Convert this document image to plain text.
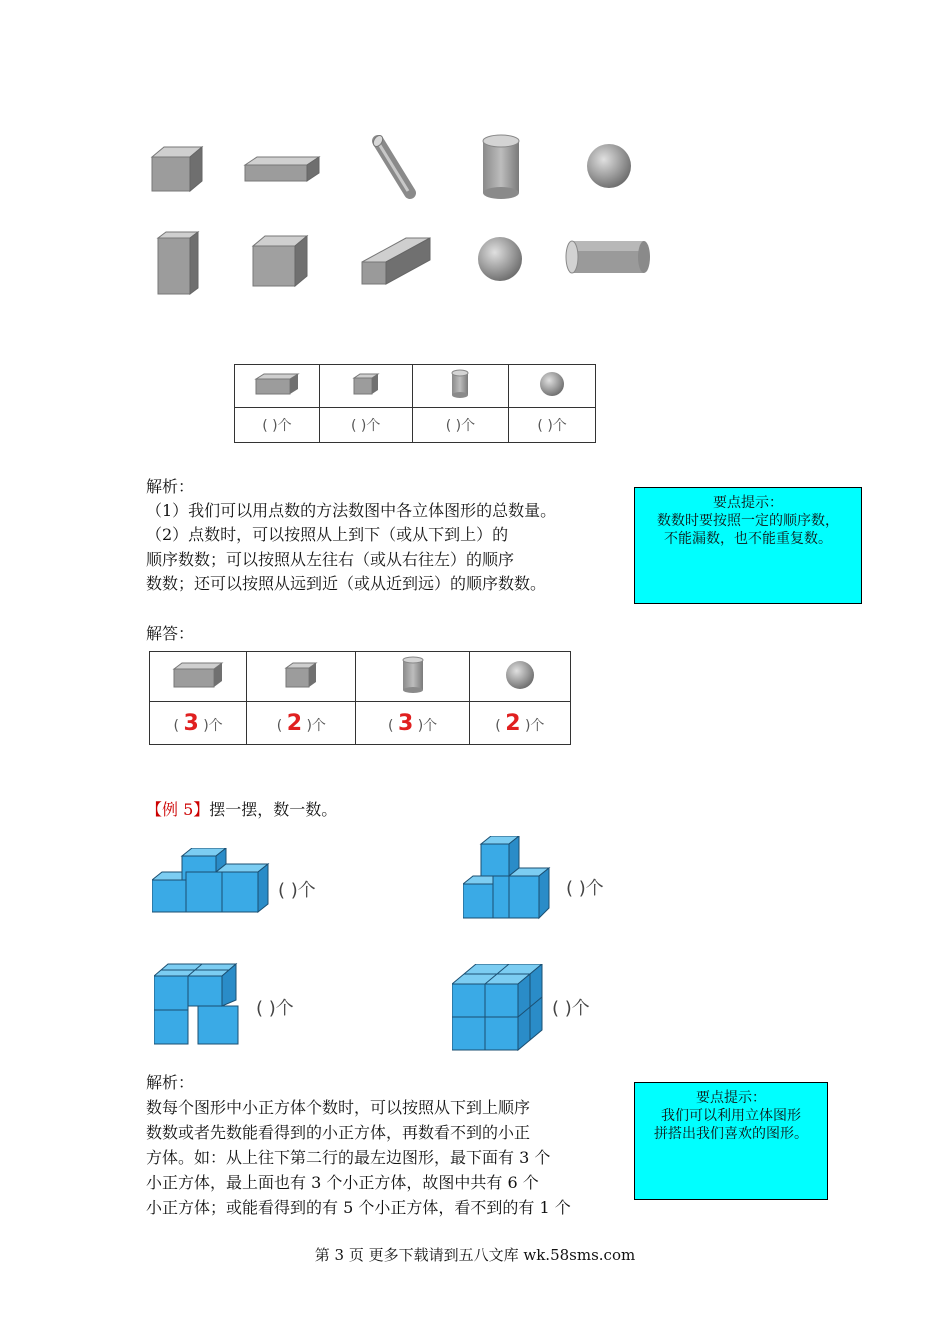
( )个	( )个	( )个	( )个
解析：
（1）我们可以用点数的方法数图中各立体图形的总数量。
（2）点数时，可以按照从上到下（或从下到上）的
顺序数数；可以按照从左往右（或从右往左）的顺序
数数；还可以按照从远到近（或从近到远）的顺序数数。
要点提示：
数数时要按照一定的顺序数，
不能漏数，也不能重复数。
解答：

( 3 )个	( 2 )个	( 3 )个	( 2 )个
【例 5】摆一摆，数一数。
( )个	( )个
( )个	( )个
解析：
数每个图形中小正方体个数时，可以按照从下到上顺序
数数或者先数能看得到的小正方体，再数看不到的小正
方体。如：从上往下第二行的最左边图形，最下面有 3 个
小正方体，最上面也有 3 个小正方体，故图中共有 6 个
小正方体；或能看得到的有 5 个小正方体，看不到的有 1 个
要点提示：
我们可以利用立体图形
拼搭出我们喜欢的图形。
第 3 页 更多下载请到五八文库 wk.58sms.com
